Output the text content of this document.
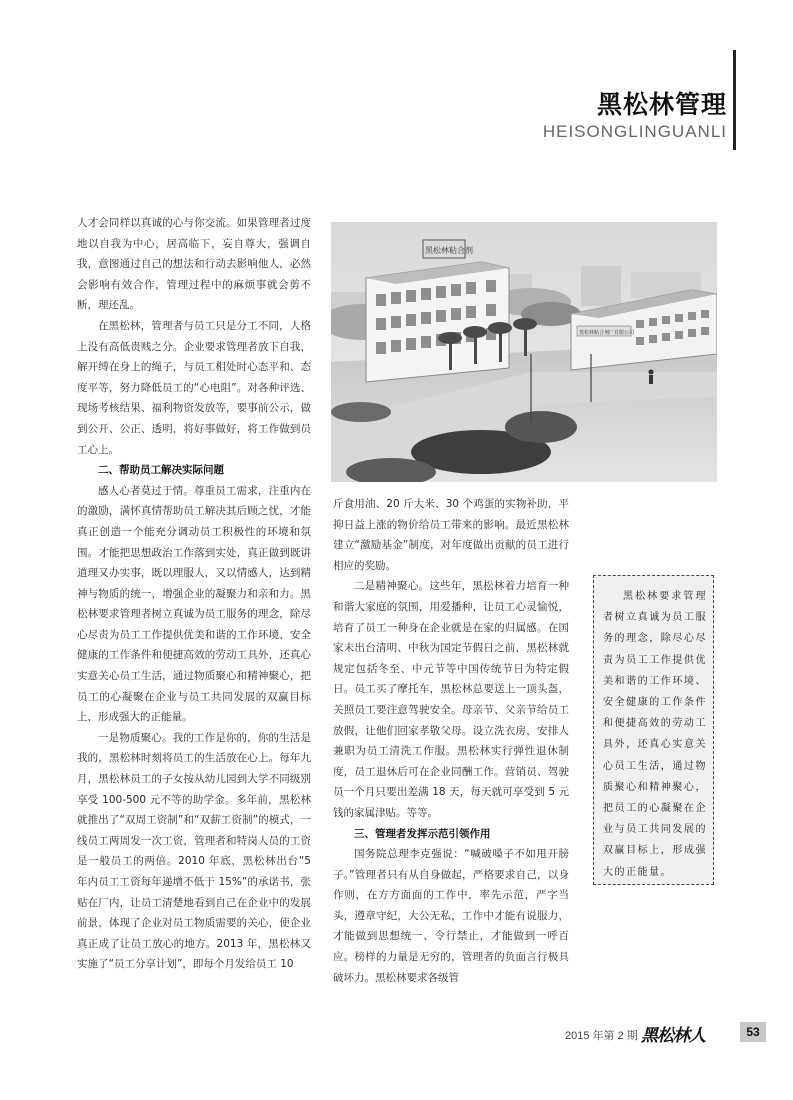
黑松林管理
HEISONGLINGUANLI

人才会同样以真诚的心与你交流。如果管理者过度地以自我为中心，居高临下，妄自尊大，强调自我，意图通过自己的想法和行动去影响他人，必然会影响有效合作，管理过程中的麻烦事就会剪不断，理还乱。

在黑松林，管理者与员工只是分工不同，人格上没有高低贵贱之分。企业要求管理者放下自我，解开缚在身上的绳子，与员工相处时心态平和、态度平等，努力降低员工的“心电阻”。对各种评选、现场考核结果、福利物资发放等，要事前公示，做到公开、公正、透明，将好事做好，将工作做到员工心上。

二、帮助员工解决实际问题

感人心者莫过于情。尊重员工需求，注重内在的激励，满怀真情帮助员工解决其后顾之忧，才能真正创造一个能充分调动员工积极性的环境和氛围。才能把思想政治工作落到实处，真正做到既讲道理又办实事，既以理服人，又以情感人，达到精神与物质的统一，增强企业的凝聚力和亲和力。黑松林要求管理者树立真诚为员工服务的理念，除尽心尽责为员工工作提供优美和谐的工作环境、安全健康的工作条件和便捷高效的劳动工具外，还真心实意关心员工生活，通过物质聚心和精神聚心，把员工的心凝聚在企业与员工共同发展的双赢目标上，形成强大的正能量。

一是物质聚心。我的工作是你的，你的生活是我的，黑松林时刻将员工的生活放在心上。每年九月，黑松林员工的子女按从幼儿园到大学不同级别享受 100-500 元不等的助学金。多年前，黑松林就推出了“双周工资制”和“双薪工资制”的模式，一线员工两周发一次工资，管理者和特岗人员的工资是一般员工的两倍。2010 年底，黑松林出台“5 年内员工工资每年递增不低于 15%”的承诺书，张贴在厂内，让员工清楚地看到自己在企业中的发展前景，体现了企业对员工物质需要的关心，使企业真正成了让员工放心的地方。2013 年，黑松林又实施了“员工分享计划”，即每个月发给员工 10

黑松林粘合剂
黑松林粘合剂厂有限公司

斤食用油、20 斤大米、30 个鸡蛋的实物补助，平抑日益上涨的物价给员工带来的影响。最近黑松林建立“激励基金”制度，对年度做出贡献的员工进行相应的奖励。

二是精神聚心。这些年，黑松林着力培育一种和谐大家庭的氛围，用爱播种，让员工心灵愉悦，培育了员工一种身在企业就是在家的归属感。在国家未出台清明、中秋为国定节假日之前，黑松林就规定包括冬至、中元节等中国传统节日为特定假日。员工买了摩托车，黑松林总要送上一顶头盔，关照员工要注意驾驶安全。母亲节、父亲节给员工放假，让他们回家孝敬父母。设立洗衣房，安排人兼职为员工清洗工作服。黑松林实行弹性退休制度，员工退休后可在企业同酬工作。营销员、驾驶员一个月只要出差满 18 天，每天就可享受到 5 元钱的家属津贴。等等。

三、管理者发挥示范引领作用

国务院总理李克强说：“喊破嗓子不如甩开膀子。”管理者只有从自身做起，严格要求自己，以身作则，在方方面面的工作中，率先示范，严字当头，遵章守纪，大公无私，工作中才能有说服力，才能做到思想统一、令行禁止，才能做到一呼百应。榜样的力量是无穷的，管理者的负面言行极具破坏力。黑松林要求各级管

黑松林要求管理者树立真诚为员工服务的理念，除尽心尽责为员工工作提供优美和谐的工作环境、安全健康的工作条件和便捷高效的劳动工具外，还真心实意关心员工生活，通过物质聚心和精神聚心，把员工的心凝聚在企业与员工共同发展的双赢目标上，形成强大的正能量。

2015 年第 2 期 黑松林人	53
